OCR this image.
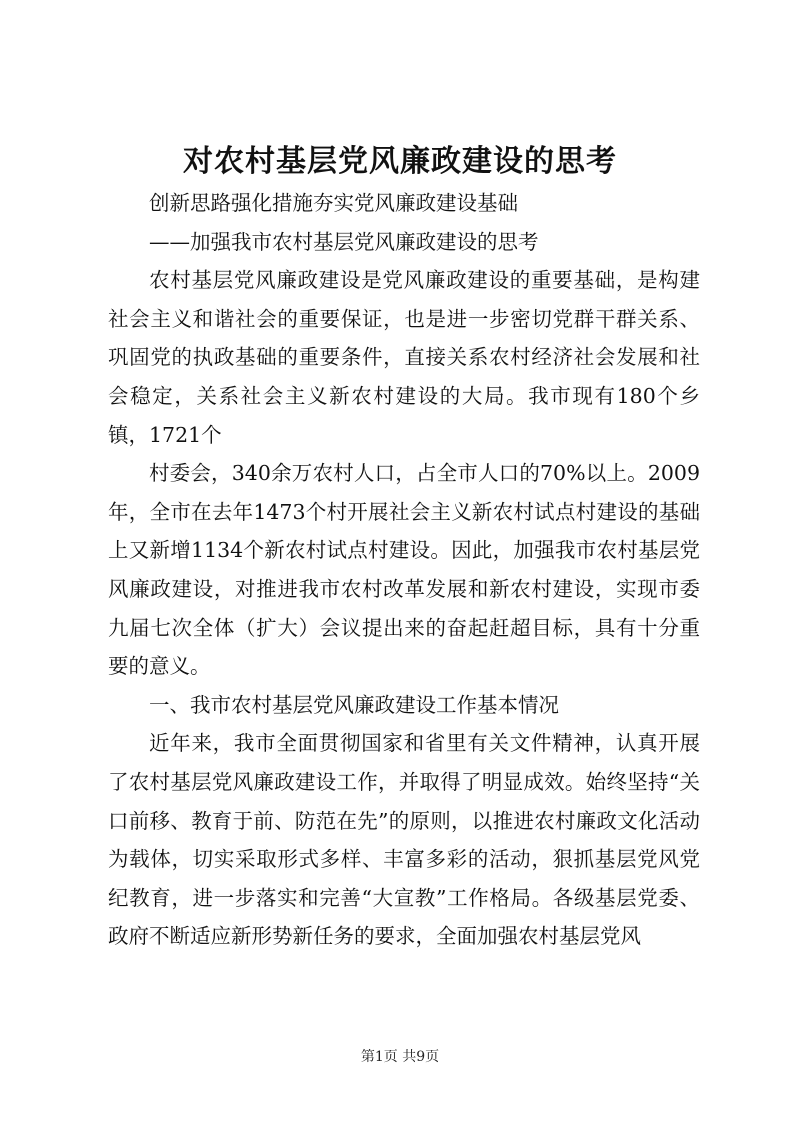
对农村基层党风廉政建设的思考

创新思路强化措施夯实党风廉政建设基础

——加强我市农村基层党风廉政建设的思考

农村基层党风廉政建设是党风廉政建设的重要基础，是构建社会主义和谐社会的重要保证，也是进一步密切党群干群关系、巩固党的执政基础的重要条件，直接关系农村经济社会发展和社会稳定，关系社会主义新农村建设的大局。我市现有180个乡镇，1721个

村委会，340余万农村人口，占全市人口的70%以上。2009年，全市在去年1473个村开展社会主义新农村试点村建设的基础上又新增1134个新农村试点村建设。因此，加强我市农村基层党风廉政建设，对推进我市农村改革发展和新农村建设，实现市委九届七次全体（扩大）会议提出来的奋起赶超目标，具有十分重要的意义。

一、我市农村基层党风廉政建设工作基本情况

近年来，我市全面贯彻国家和省里有关文件精神，认真开展了农村基层党风廉政建设工作，并取得了明显成效。始终坚持“关口前移、教育于前、防范在先”的原则，以推进农村廉政文化活动为载体，切实采取形式多样、丰富多彩的活动，狠抓基层党风党纪教育，进一步落实和完善“大宣教”工作格局。各级基层党委、政府不断适应新形势新任务的要求，全面加强农村基层党风

第1页 共9页
